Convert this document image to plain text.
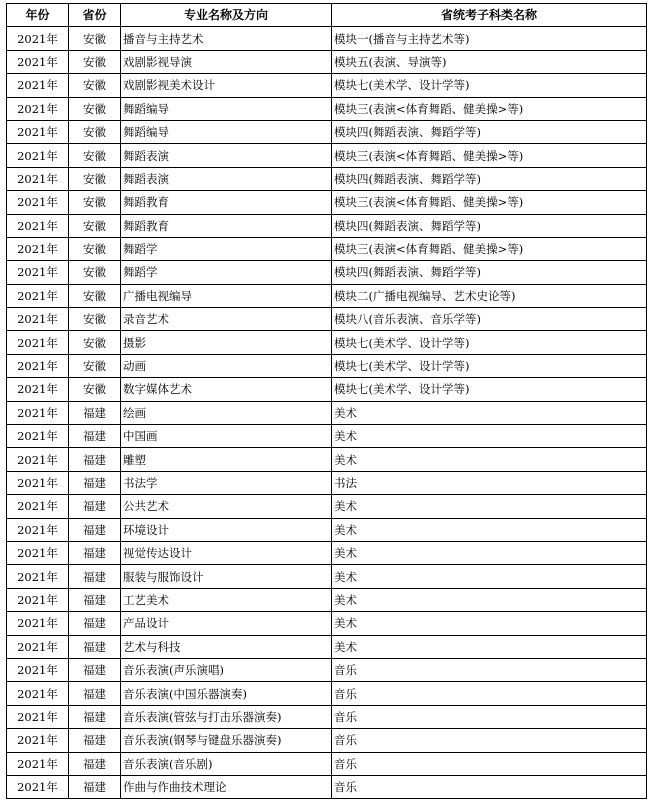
年份	省份	专业名称及方向	省统考子科类名称
2021年	安徽	播音与主持艺术	模块一(播音与主持艺术等)
2021年	安徽	戏剧影视导演	模块五(表演、导演等)
2021年	安徽	戏剧影视美术设计	模块七(美术学、设计学等)
2021年	安徽	舞蹈编导	模块三(表演<体育舞蹈、健美操>等)
2021年	安徽	舞蹈编导	模块四(舞蹈表演、舞蹈学等)
2021年	安徽	舞蹈表演	模块三(表演<体育舞蹈、健美操>等)
2021年	安徽	舞蹈表演	模块四(舞蹈表演、舞蹈学等)
2021年	安徽	舞蹈教育	模块三(表演<体育舞蹈、健美操>等)
2021年	安徽	舞蹈教育	模块四(舞蹈表演、舞蹈学等)
2021年	安徽	舞蹈学	模块三(表演<体育舞蹈、健美操>等)
2021年	安徽	舞蹈学	模块四(舞蹈表演、舞蹈学等)
2021年	安徽	广播电视编导	模块二(广播电视编导、艺术史论等)
2021年	安徽	录音艺术	模块八(音乐表演、音乐学等)
2021年	安徽	摄影	模块七(美术学、设计学等)
2021年	安徽	动画	模块七(美术学、设计学等)
2021年	安徽	数字媒体艺术	模块七(美术学、设计学等)
2021年	福建	绘画	美术
2021年	福建	中国画	美术
2021年	福建	雕塑	美术
2021年	福建	书法学	书法
2021年	福建	公共艺术	美术
2021年	福建	环境设计	美术
2021年	福建	视觉传达设计	美术
2021年	福建	服装与服饰设计	美术
2021年	福建	工艺美术	美术
2021年	福建	产品设计	美术
2021年	福建	艺术与科技	美术
2021年	福建	音乐表演(声乐演唱)	音乐
2021年	福建	音乐表演(中国乐器演奏)	音乐
2021年	福建	音乐表演(管弦与打击乐器演奏)	音乐
2021年	福建	音乐表演(钢琴与键盘乐器演奏)	音乐
2021年	福建	音乐表演(音乐剧)	音乐
2021年	福建	作曲与作曲技术理论	音乐
